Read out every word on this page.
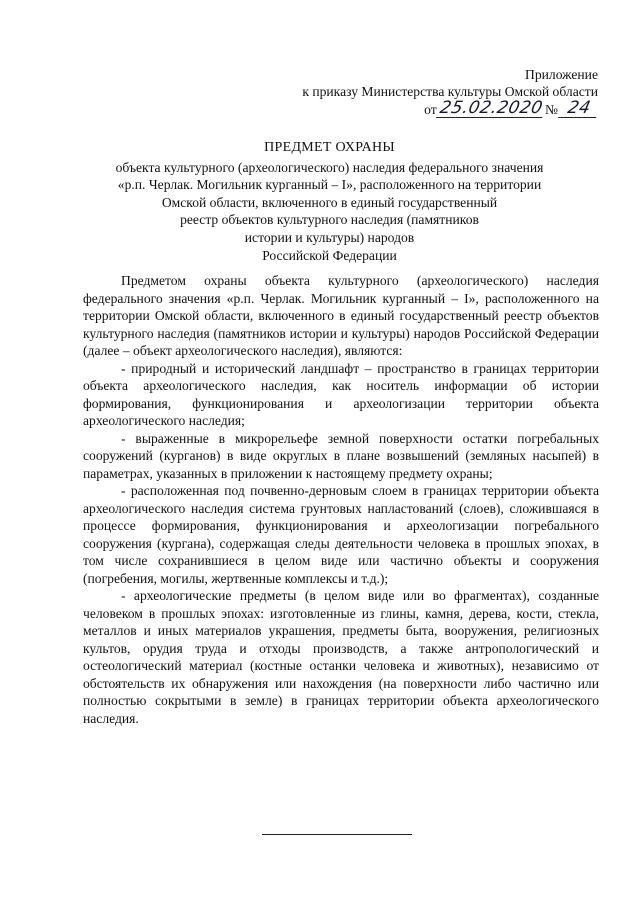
Приложение
к приказу Министерства культуры Омской области
от 25.02.2020 № 24
ПРЕДМЕТ ОХРАНЫ
объекта культурного (археологического) наследия федерального значения
«р.п. Черлак. Могильник курганный – I», расположенного на территории
Омской области, включенного в единый государственный
реестр объектов культурного наследия (памятников
истории и культуры) народов
Российской Федерации

Предметом охраны объекта культурного (археологического) наследия федерального значения «р.п. Черлак. Могильник курганный – I», расположенного на территории Омской области, включенного в единый государственный реестр объектов культурного наследия (памятников истории и культуры) народов Российской Федерации (далее – объект археологического наследия), являются:

- природный и исторический ландшафт – пространство в границах территории объекта археологического наследия, как носитель информации об истории формирования, функционирования и археологизации территории объекта археологического наследия;

- выраженные в микрорельефе земной поверхности остатки погребальных сооружений (курганов) в виде округлых в плане возвышений (земляных насыпей) в параметрах, указанных в приложении к настоящему предмету охраны;

- расположенная под почвенно-дерновым слоем в границах территории объекта археологического наследия система грунтовых напластований (слоев), сложившаяся в процессе формирования, функционирования и археологизации погребального сооружения (кургана), содержащая следы деятельности человека в прошлых эпохах, в том числе сохранившиеся в целом виде или частично объекты и сооружения (погребения, могилы, жертвенные комплексы и т.д.);

- археологические предметы (в целом виде или во фрагментах), созданные человеком в прошлых эпохах: изготовленные из глины, камня, дерева, кости, стекла, металлов и иных материалов украшения, предметы быта, вооружения, религиозных культов, орудия труда и отходы производств, а также антропологический и остеологический материал (костные останки человека и животных), независимо от обстоятельств их обнаружения или нахождения (на поверхности либо частично или полностью сокрытыми в земле) в границах территории объекта археологического наследия.
